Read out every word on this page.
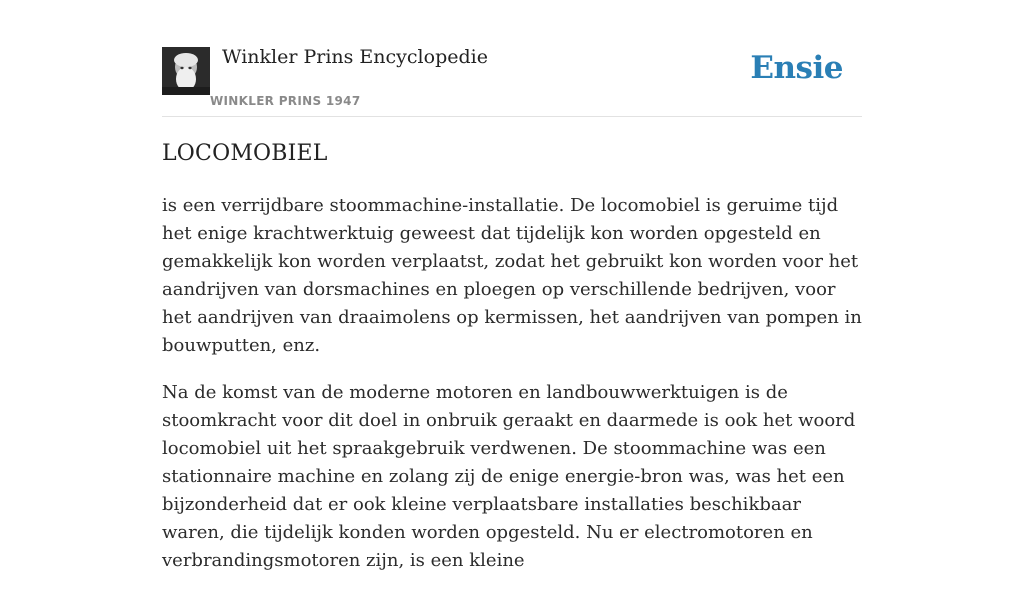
Winkler Prins Encyclopedie
WINKLER PRINS 1947
Ensie
LOCOMOBIEL

is een verrijdbare stoommachine-installatie. De locomobiel is geruime tijd het enige krachtwerktuig geweest dat tijdelijk kon worden opgesteld en gemakkelijk kon worden verplaatst, zodat het gebruikt kon worden voor het aandrijven van dorsmachines en ploegen op verschillende bedrijven, voor het aandrijven van draaimolens op kermissen, het aandrijven van pompen in bouwputten, enz.

Na de komst van de moderne motoren en landbouwwerktuigen is de stoomkracht voor dit doel in onbruik geraakt en daarmede is ook het woord locomobiel uit het spraakgebruik verdwenen. De stoommachine was een stationnaire machine en zolang zij de enige energie-bron was, was het een bijzonderheid dat er ook kleine verplaatsbare installaties beschikbaar waren, die tijdelijk konden worden opgesteld. Nu er electromotoren en verbrandingsmotoren zijn, is een kleine
